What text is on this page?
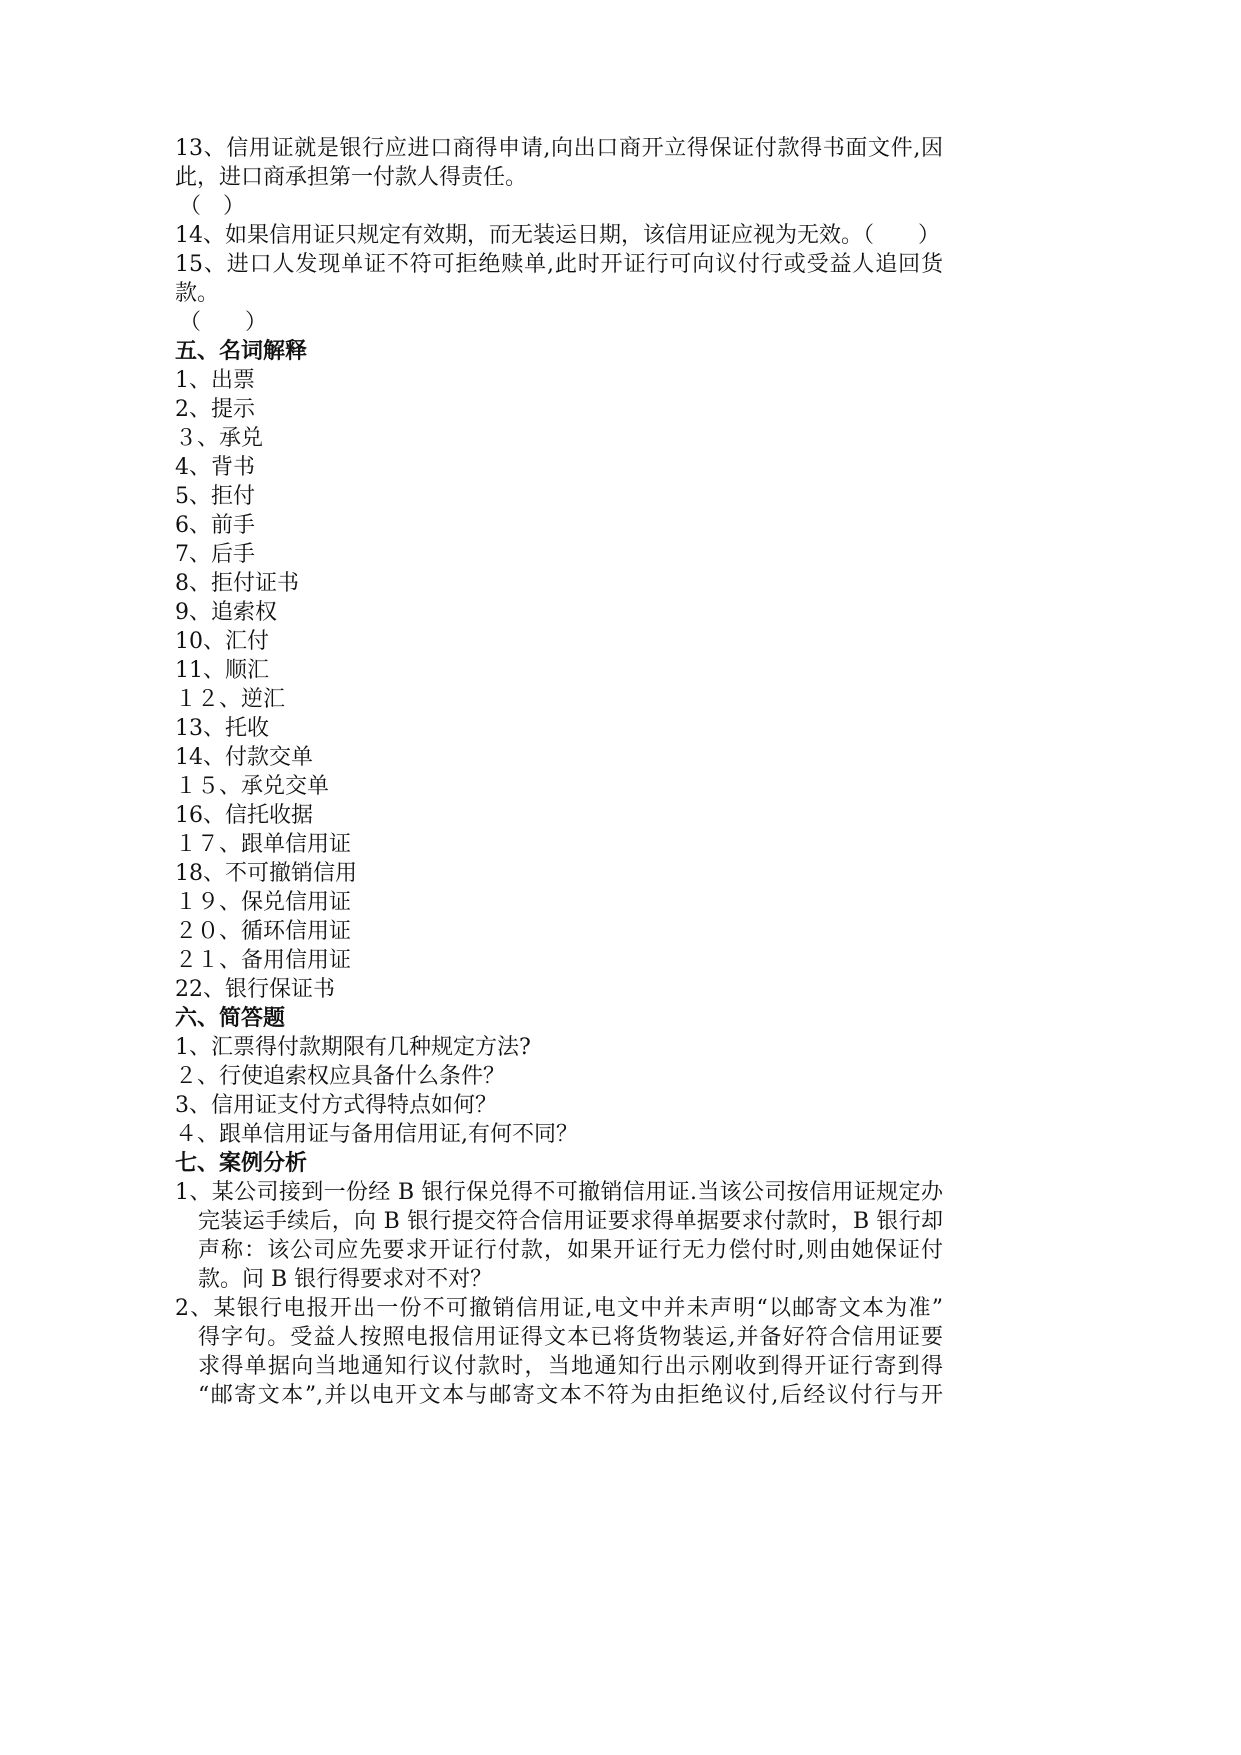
13、信用证就是银行应进口商得申请,向出口商开立得保证付款得书面文件,因
此，进口商承担第一付款人得责任。
（　）
14、如果信用证只规定有效期，而无装运日期，该信用证应视为无效。（　　）
15、进口人发现单证不符可拒绝赎单,此时开证行可向议付行或受益人追回货
款。
（　　）
五、名词解释
1、出票
2、提示
３、承兑
4、背书
5、拒付
6、前手
7、后手
8、拒付证书
9、追索权
10、汇付
11、顺汇
１２、逆汇
13、托收
14、付款交单
１５、承兑交单
16、信托收据
１７、跟单信用证
18、不可撤销信用
１９、保兑信用证
２０、循环信用证
２１、备用信用证
22、银行保证书
六、简答题
1、汇票得付款期限有几种规定方法?
２、行使追索权应具备什么条件？
3、信用证支付方式得特点如何？
４、跟单信用证与备用信用证,有何不同？
七、案例分析
1、某公司接到一份经 B 银行保兑得不可撤销信用证.当该公司按信用证规定办
完装运手续后，向 B 银行提交符合信用证要求得单据要求付款时，B 银行却
声称：该公司应先要求开证行付款，如果开证行无力偿付时,则由她保证付
款。问 B 银行得要求对不对？
2、某银行电报开出一份不可撤销信用证,电文中并未声明“以邮寄文本为准”
得字句。受益人按照电报信用证得文本已将货物装运,并备好符合信用证要
求得单据向当地通知行议付款时，当地通知行出示刚收到得开证行寄到得
“邮寄文本”,并以电开文本与邮寄文本不符为由拒绝议付,后经议付行与开
